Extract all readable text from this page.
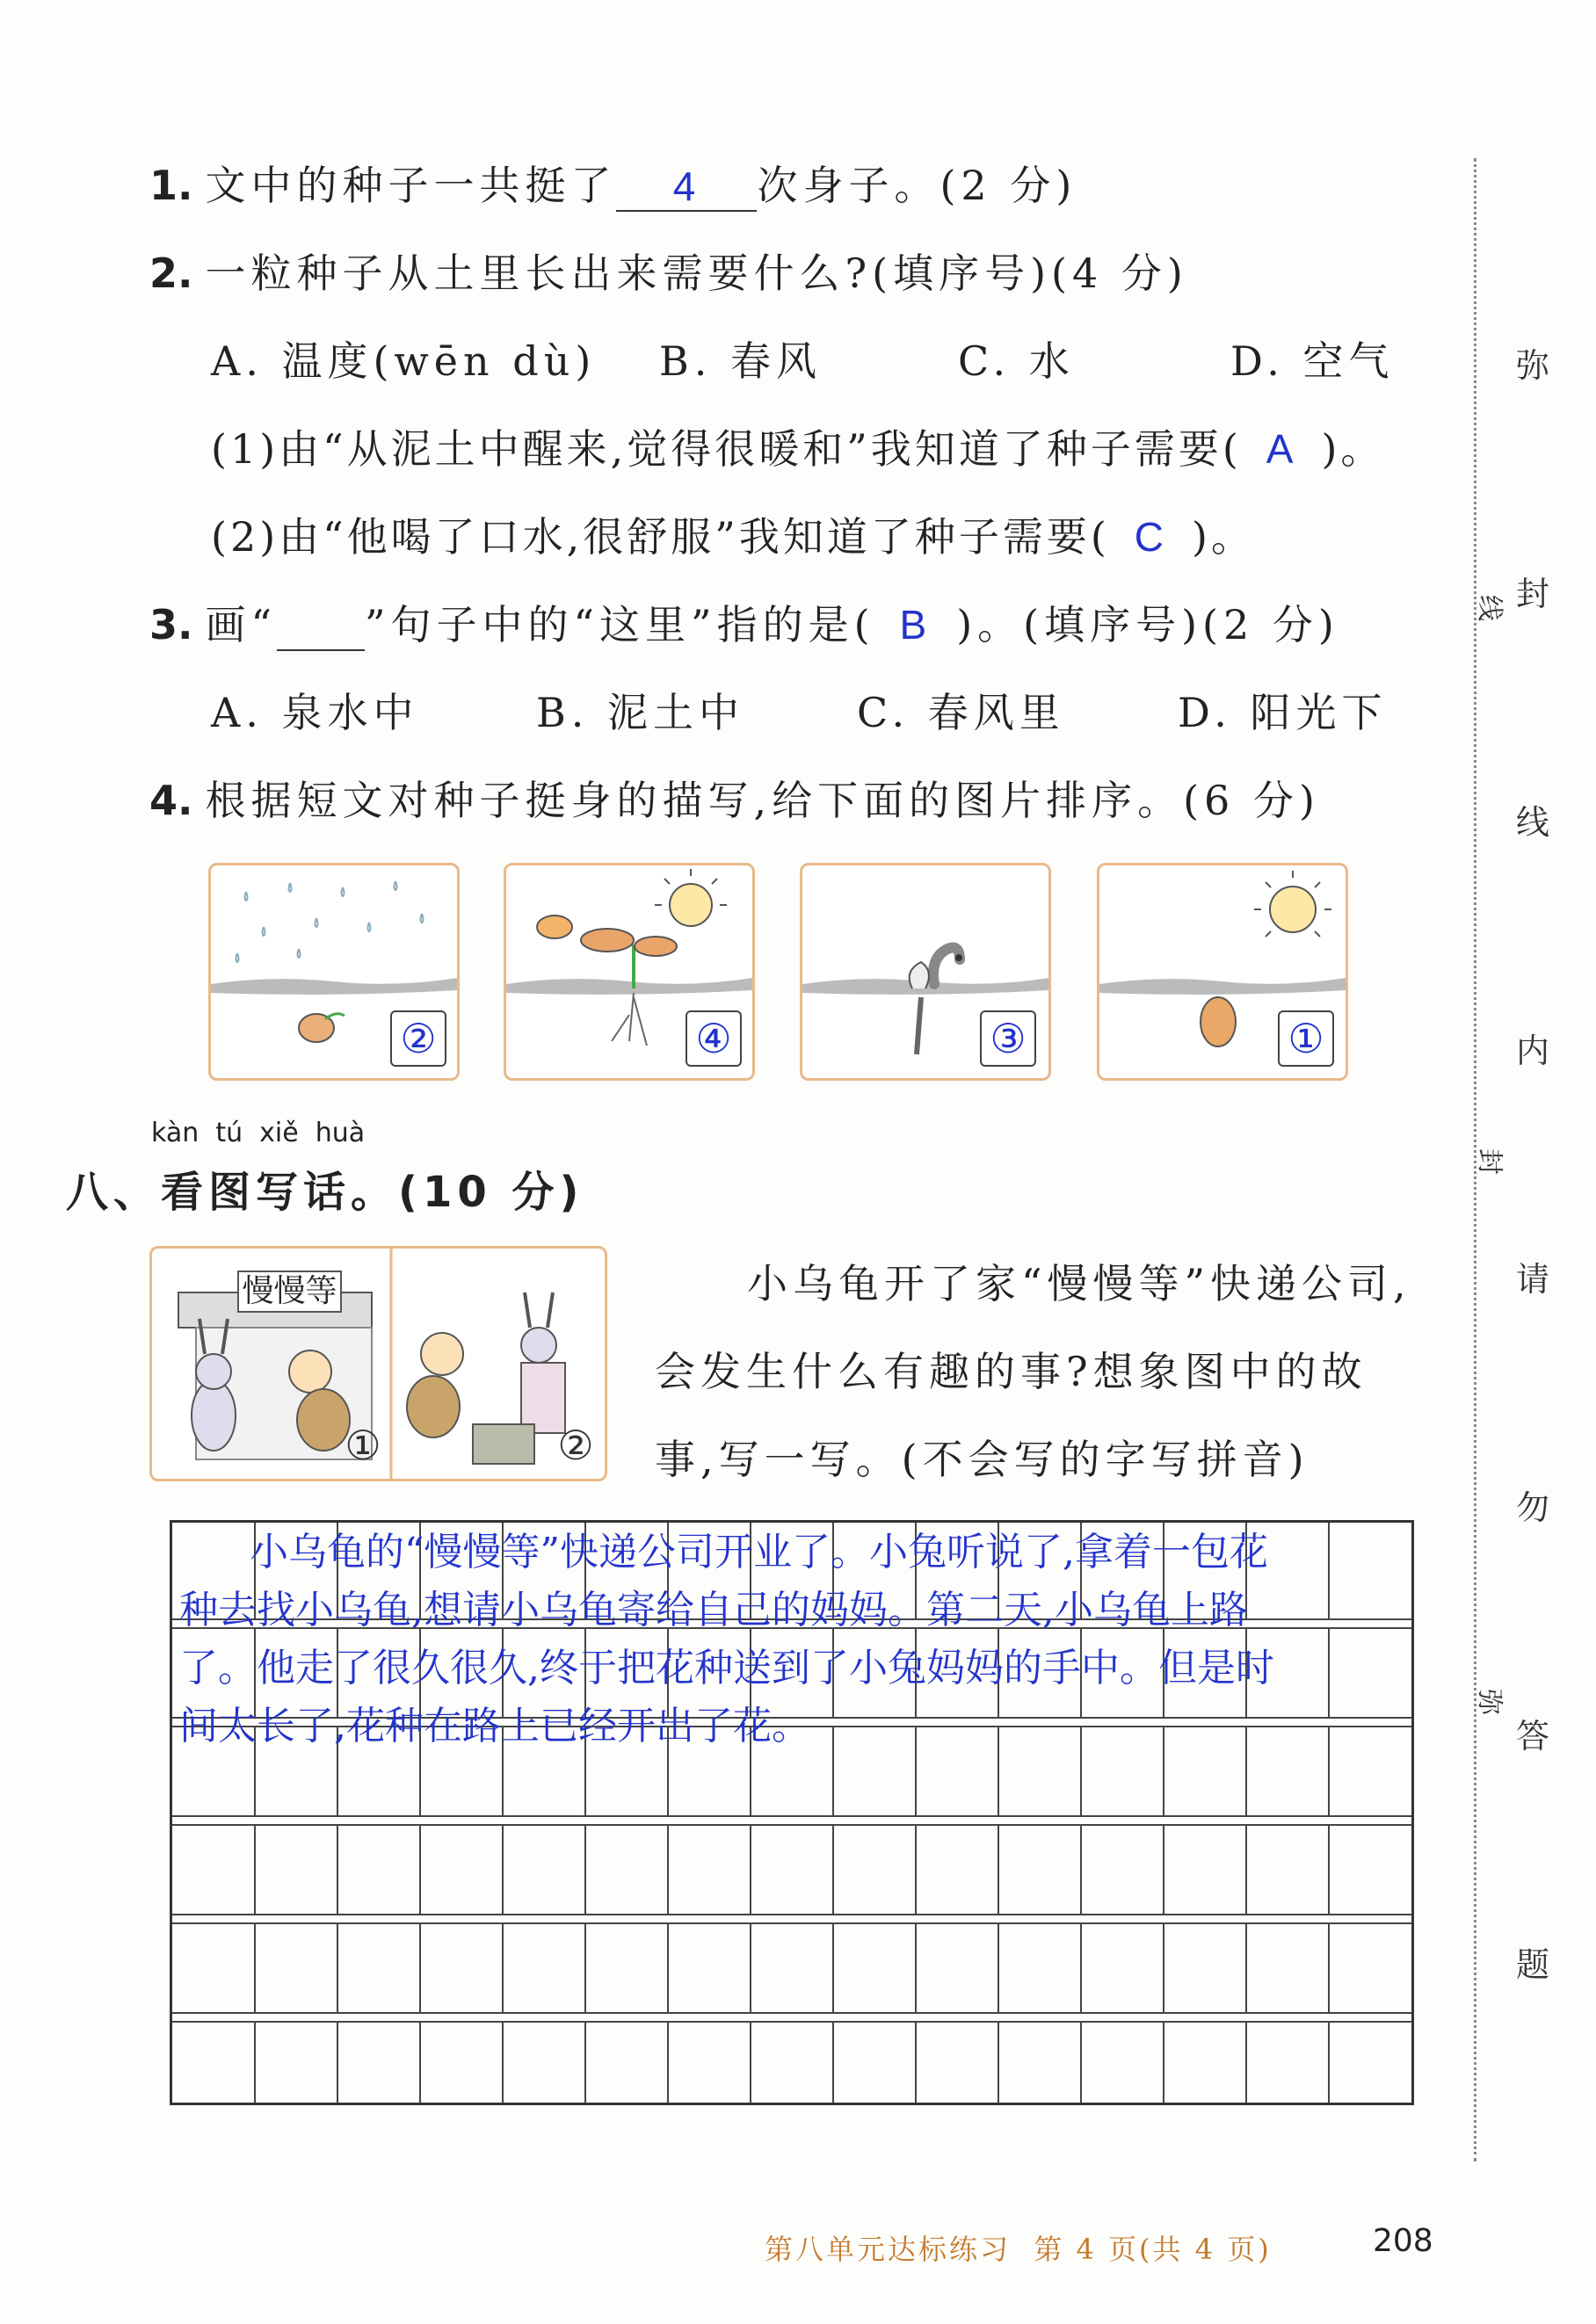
1. 文中的种子一共挺了 4 次身子。(2 分)
2. 一粒种子从土里长出来需要什么?(填序号)(4 分)
A. 温度(wēn dù) B. 春风	C. 水	D. 空气
(1)由“从泥土中醒来,觉得很暖和”我知道了种子需要( A )。
(2)由“他喝了口水,很舒服”我知道了种子需要( C )。
3. 画“ ”句子中的“这里”指的是( B )。(填序号)(2 分)
A. 泉水中	B. 泥土中	C. 春风里	D. 阳光下
4. 根据短文对种子挺身的描写,给下面的图片排序。(6 分)
②	④	③	①
kàn  tú  xiě  huà
八、看图写话。(10 分)
慢慢等
①	②
小乌龟开了家“慢慢等”快递公司,
会发生什么有趣的事?想象图中的故
事,写一写。(不会写的字写拼音)
小乌龟的“慢慢等”快递公司开业了。小兔听说了,拿着一包花
种去找小乌龟,想请小乌龟寄给自己的妈妈。第二天,小乌龟上路
了。他走了很久很久,终于把花种送到了小兔妈妈的手中。但是时
间太长了,花种在路上已经开出了花。
线
封
弥
弥
封
线
内
请
勿
答
题
第八单元达标练习  第 4 页(共 4 页)	208
